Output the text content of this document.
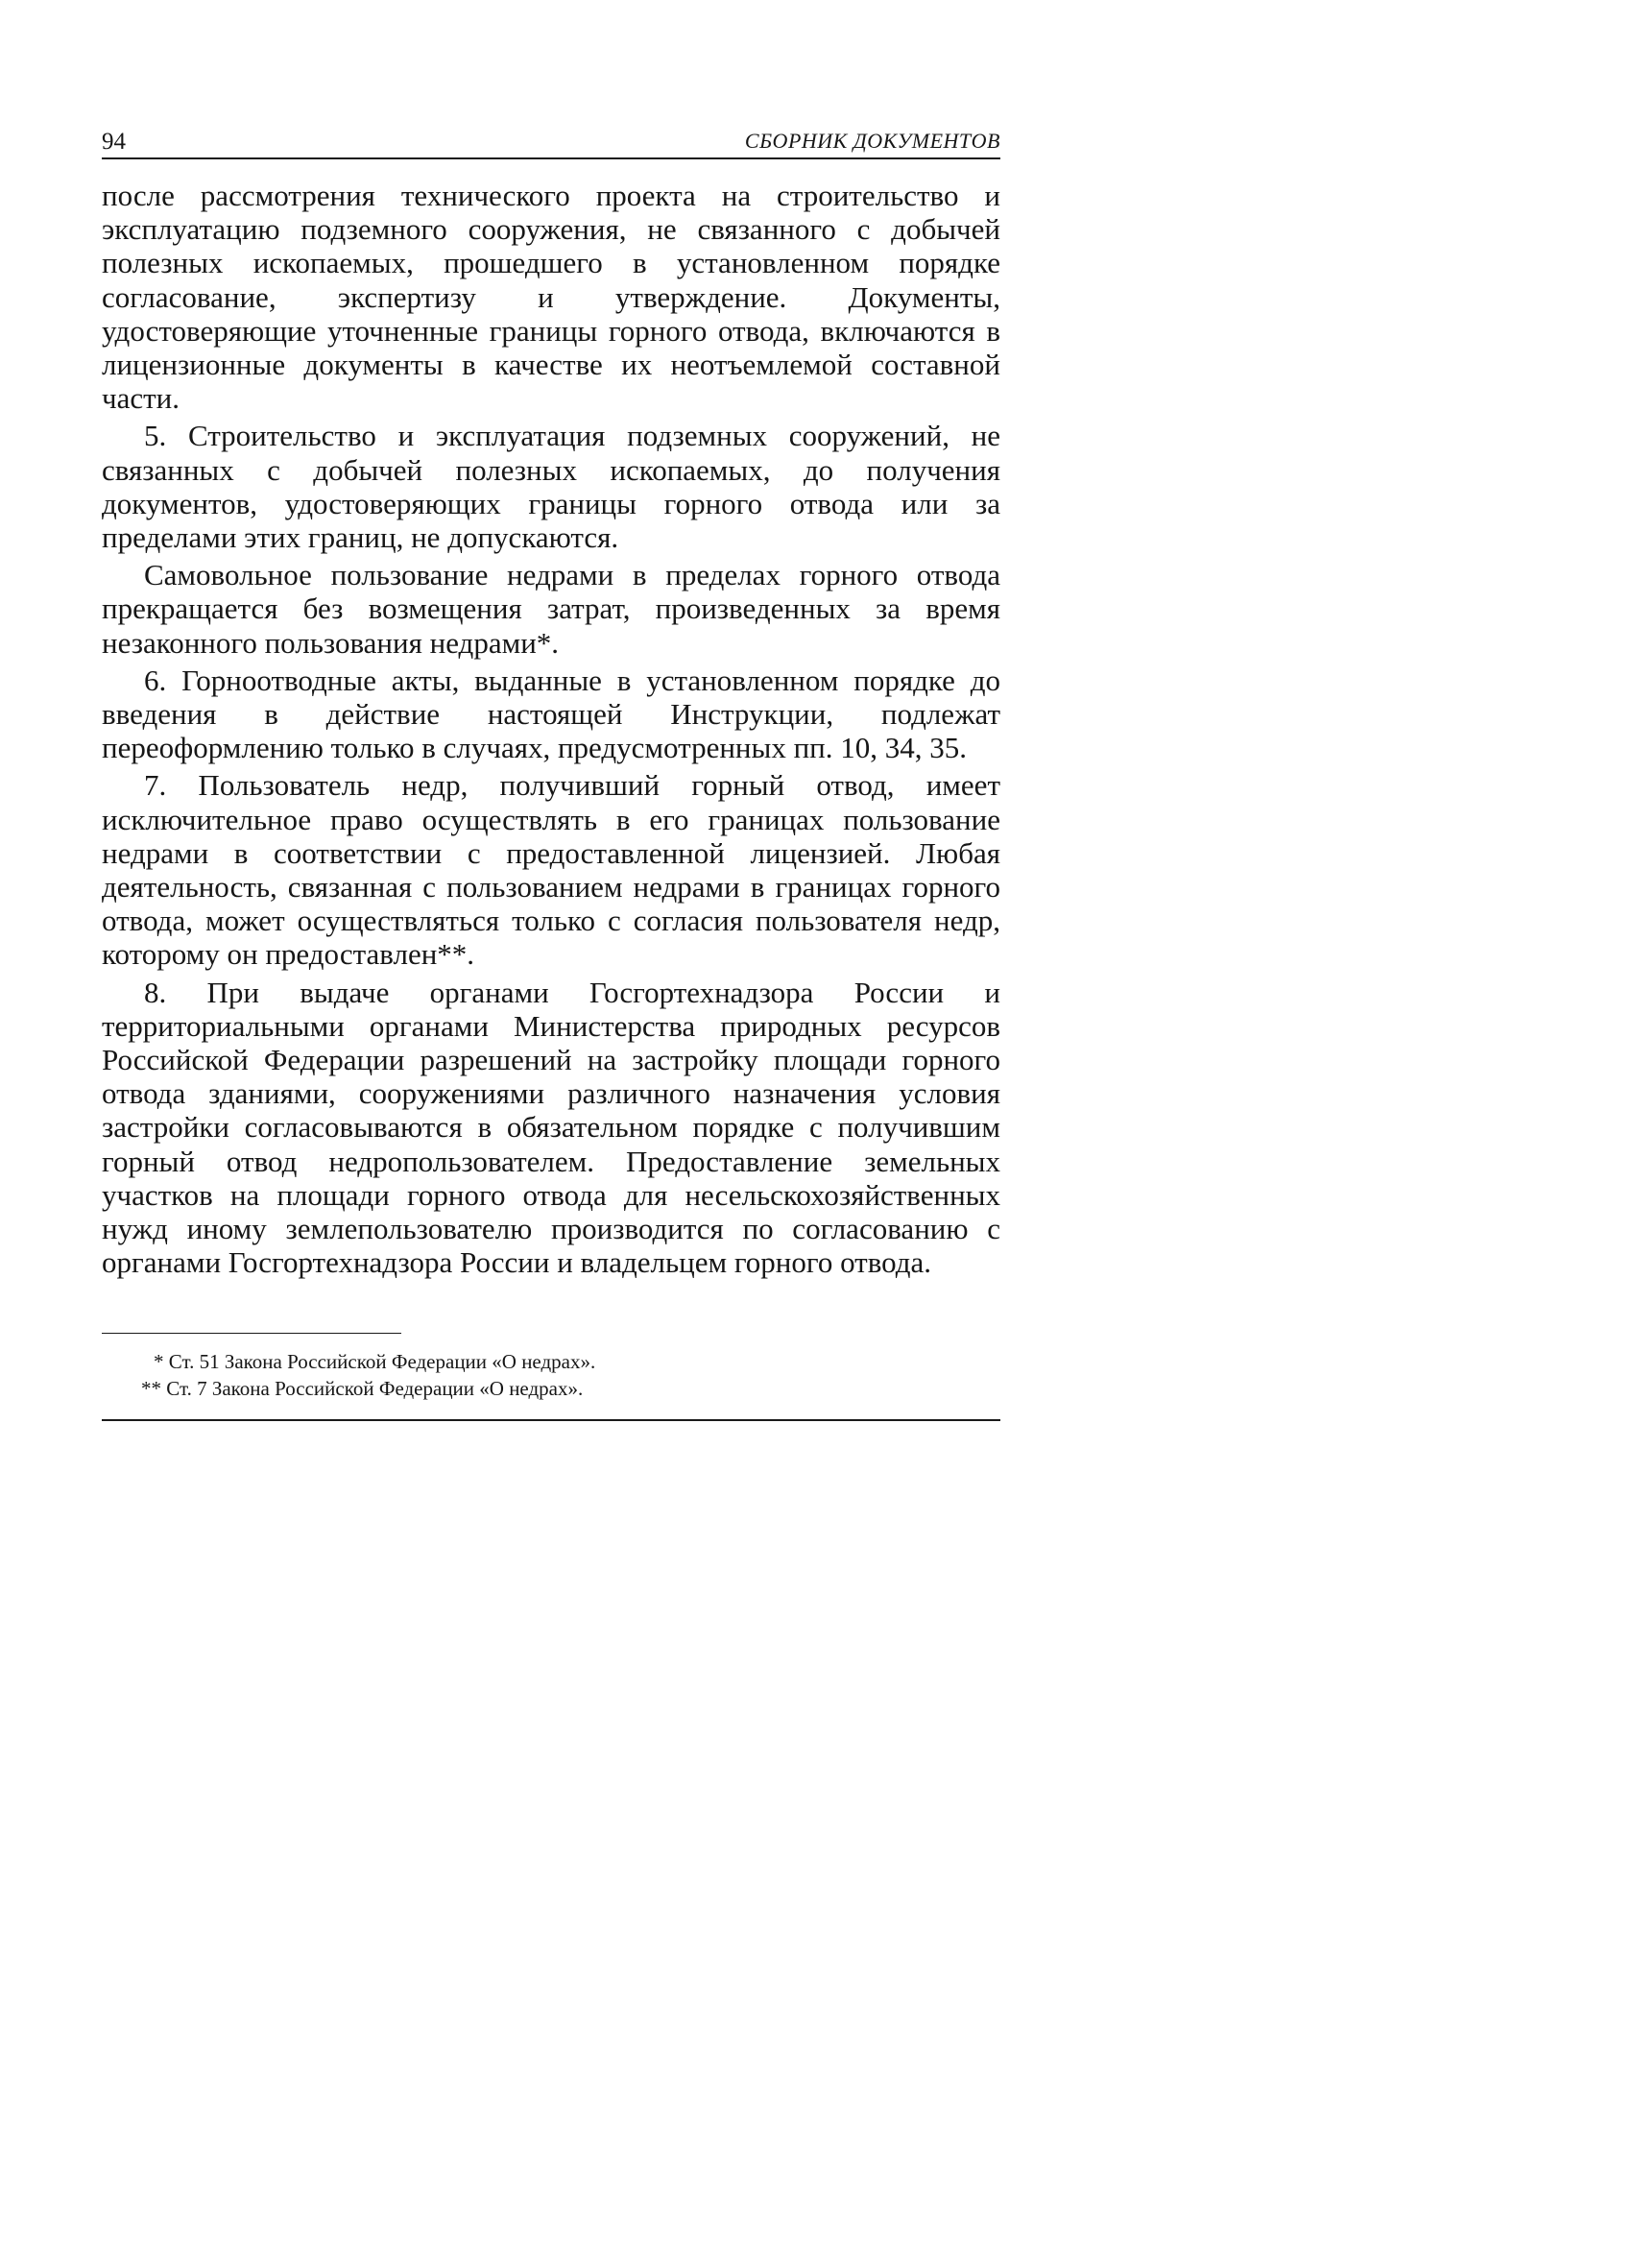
94	СБОРНИК ДОКУМЕНТОВ

после рассмотрения технического проекта на строительство и эксплуатацию подземного сооружения, не связанного с добычей полезных ископаемых, прошедшего в установленном порядке согласование, экспертизу и утверждение. Документы, удостоверяющие уточненные границы горного отвода, включаются в лицензионные документы в качестве их неотъемлемой составной части.

5. Строительство и эксплуатация подземных сооружений, не связанных с добычей полезных ископаемых, до получения документов, удостоверяющих границы горного отвода или за пределами этих границ, не допускаются.

Самовольное пользование недрами в пределах горного отвода прекращается без возмещения затрат, произведенных за время незаконного пользования недрами*.

6. Горноотводные акты, выданные в установленном порядке до введения в действие настоящей Инструкции, подлежат переоформлению только в случаях, предусмотренных пп. 10, 34, 35.

7. Пользователь недр, получивший горный отвод, имеет исключительное право осуществлять в его границах пользование недрами в соответствии с предоставленной лицензией. Любая деятельность, связанная с пользованием недрами в границах горного отвода, может осуществляться только с согласия пользователя недр, которому он предоставлен**.

8. При выдаче органами Госгортехнадзора России и территориальными органами Министерства природных ресурсов Российской Федерации разрешений на застройку площади горного отвода зданиями, сооружениями различного назначения условия застройки согласовываются в обязательном порядке с получившим горный отвод недропользователем. Предоставление земельных участков на площади горного отвода для несельскохозяйственных нужд иному землепользователю производится по согласованию с органами Госгортехнадзора России и владельцем горного отвода.

* Ст. 51 Закона Российской Федерации «О недрах».

** Ст. 7 Закона Российской Федерации «О недрах».
